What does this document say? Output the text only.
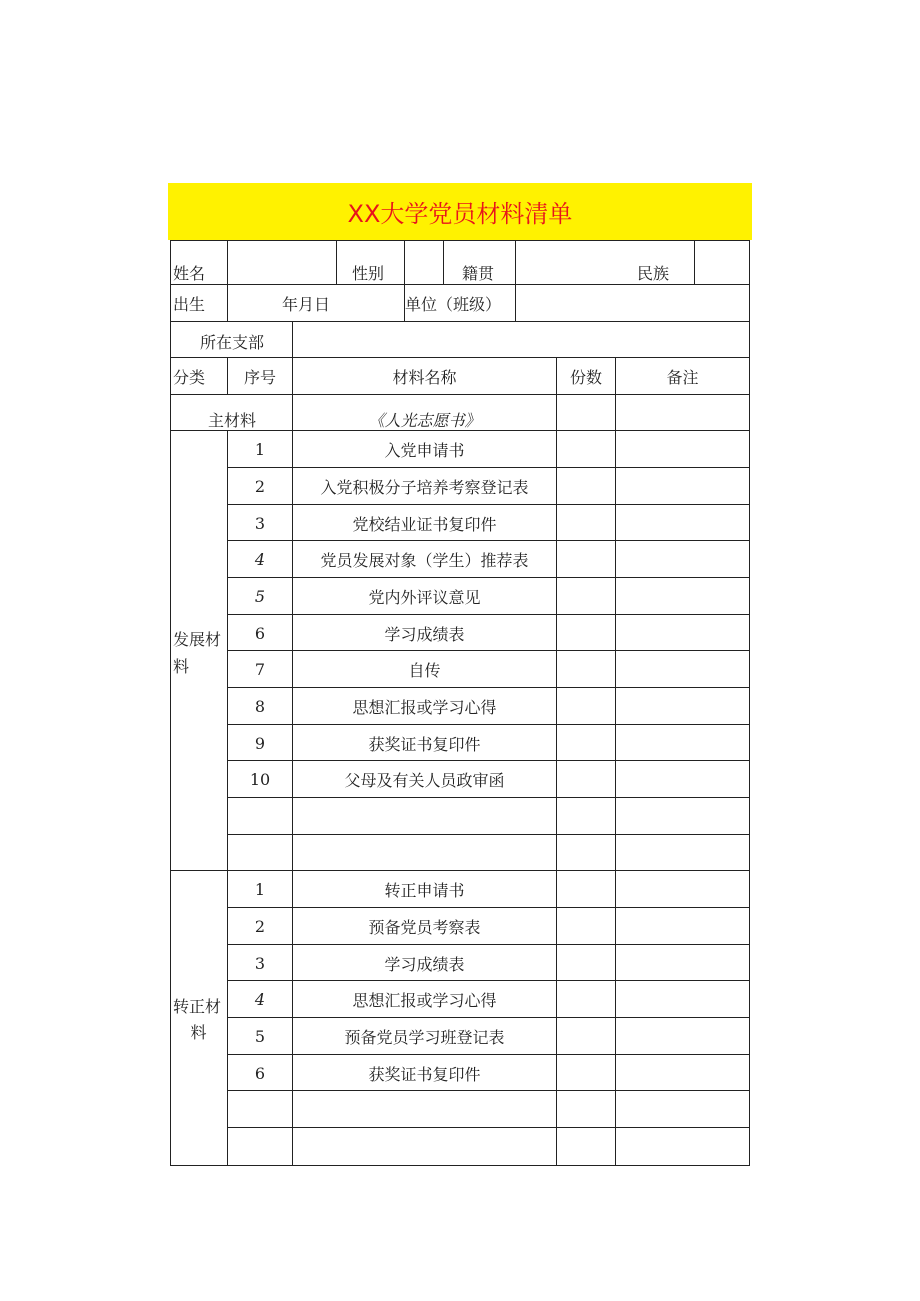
XX大学党员材料清单
姓名	性别	籍贯	民族
出生	年月日	单位（班级）
所在支部
分类	序号	材料名称	份数	备注
主材料	《人光志愿书》
发展材
料
1	入党申请书
2	入党积极分子培养考察登记表
3	党校结业证书复印件
4	党员发展对象（学生）推荐表
5	党内外评议意见
6	学习成绩表
7	自传
8	思想汇报或学习心得
9	获奖证书复印件
10	父母及有关人员政审函
转正材
料
1	转正申请书
2	预备党员考察表
3	学习成绩表
4	思想汇报或学习心得
5	预备党员学习班登记表
6	获奖证书复印件
